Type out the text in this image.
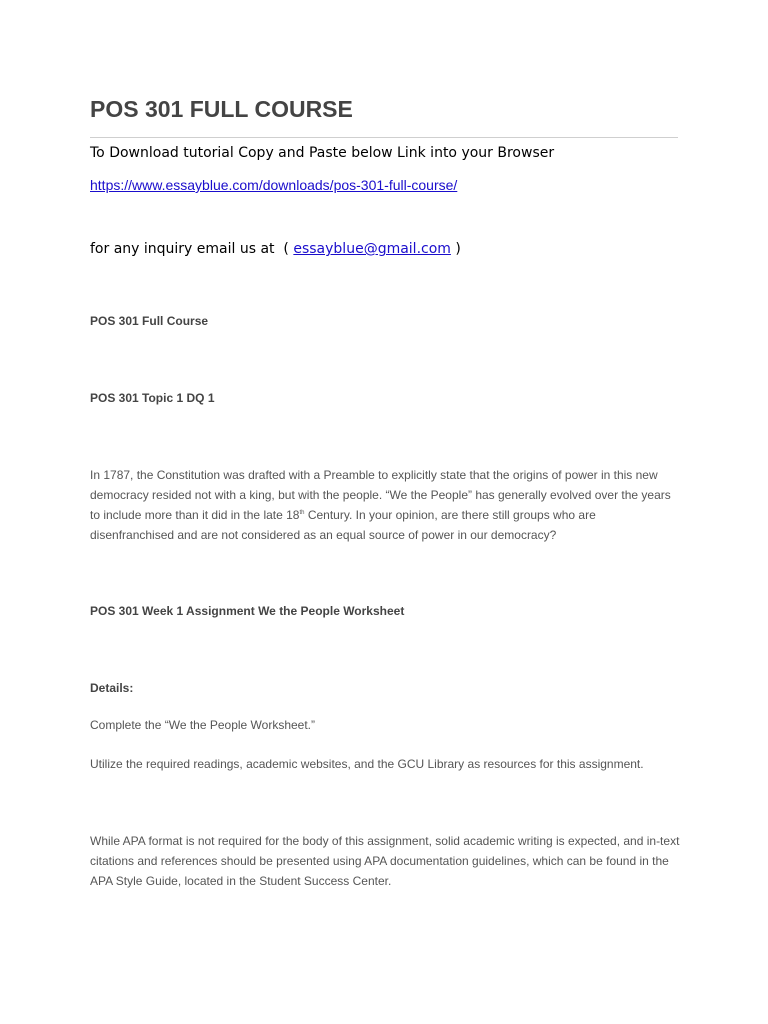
POS 301 FULL COURSE

To Download tutorial Copy and Paste below Link into your Browser

https://www.essayblue.com/downloads/pos-301-full-course/

for any inquiry email us at  ( essayblue@gmail.com )

POS 301 Full Course

POS 301 Topic 1 DQ 1

In 1787, the Constitution was drafted with a Preamble to explicitly state that the origins of power in this new
democracy resided not with a king, but with the people. “We the People” has generally evolved over the years
to include more than it did in the late 18th Century. In your opinion, are there still groups who are
disenfranchised and are not considered as an equal source of power in our democracy?

POS 301 Week 1 Assignment We the People Worksheet

Details:

Complete the “We the People Worksheet.”

Utilize the required readings, academic websites, and the GCU Library as resources for this assignment.

While APA format is not required for the body of this assignment, solid academic writing is expected, and in-text
citations and references should be presented using APA documentation guidelines, which can be found in the
APA Style Guide, located in the Student Success Center.
